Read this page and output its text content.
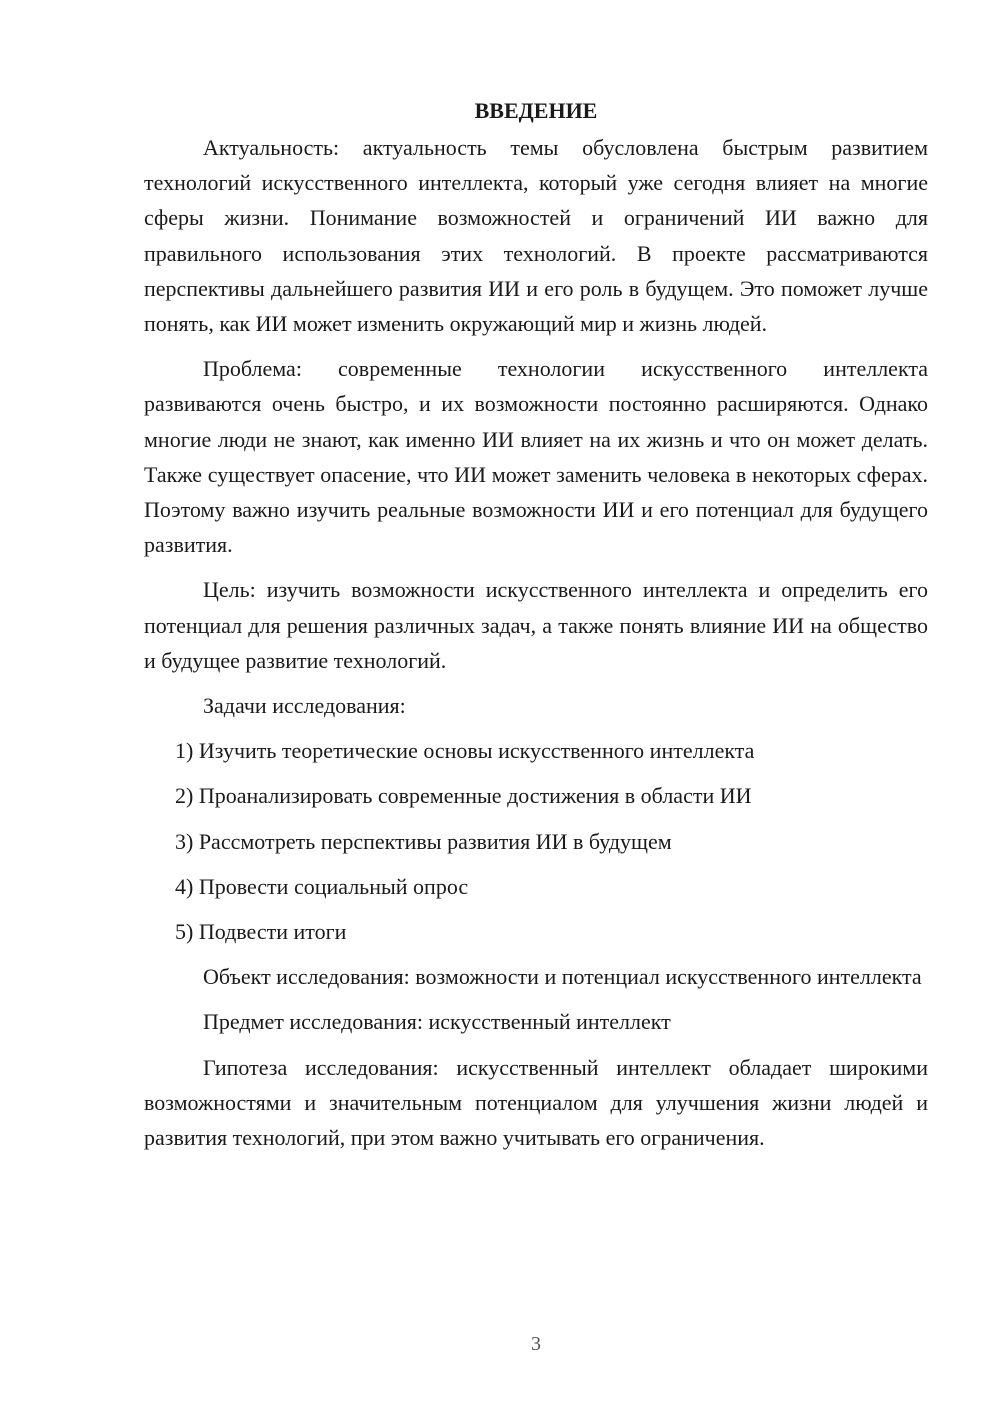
ВВЕДЕНИЕ

Актуальность: актуальность темы обусловлена быстрым развитием технологий искусственного интеллекта, который уже сегодня влияет на многие сферы жизни. Понимание возможностей и ограничений ИИ важно для правильного использования этих технологий. В проекте рассматриваются перспективы дальнейшего развития ИИ и его роль в будущем. Это поможет лучше понять, как ИИ может изменить окружающий мир и жизнь людей.

Проблема: современные технологии искусственного интеллекта развиваются очень быстро, и их возможности постоянно расширяются. Однако многие люди не знают, как именно ИИ влияет на их жизнь и что он может делать. Также существует опасение, что ИИ может заменить человека в некоторых сферах. Поэтому важно изучить реальные возможности ИИ и его потенциал для будущего развития.

Цель: изучить возможности искусственного интеллекта и определить его потенциал для решения различных задач, а также понять влияние ИИ на общество и будущее развитие технологий.

Задачи исследования:

1) Изучить теоретические основы искусственного интеллекта
2) Проанализировать современные достижения в области ИИ
3) Рассмотреть перспективы развития ИИ в будущем
4) Провести социальный опрос
5) Подвести итоги

Объект исследования: возможности и потенциал искусственного интеллекта

Предмет исследования: искусственный интеллект

Гипотеза исследования: искусственный интеллект обладает широкими возможностями и значительным потенциалом для улучшения жизни людей и развития технологий, при этом важно учитывать его ограничения.

3
